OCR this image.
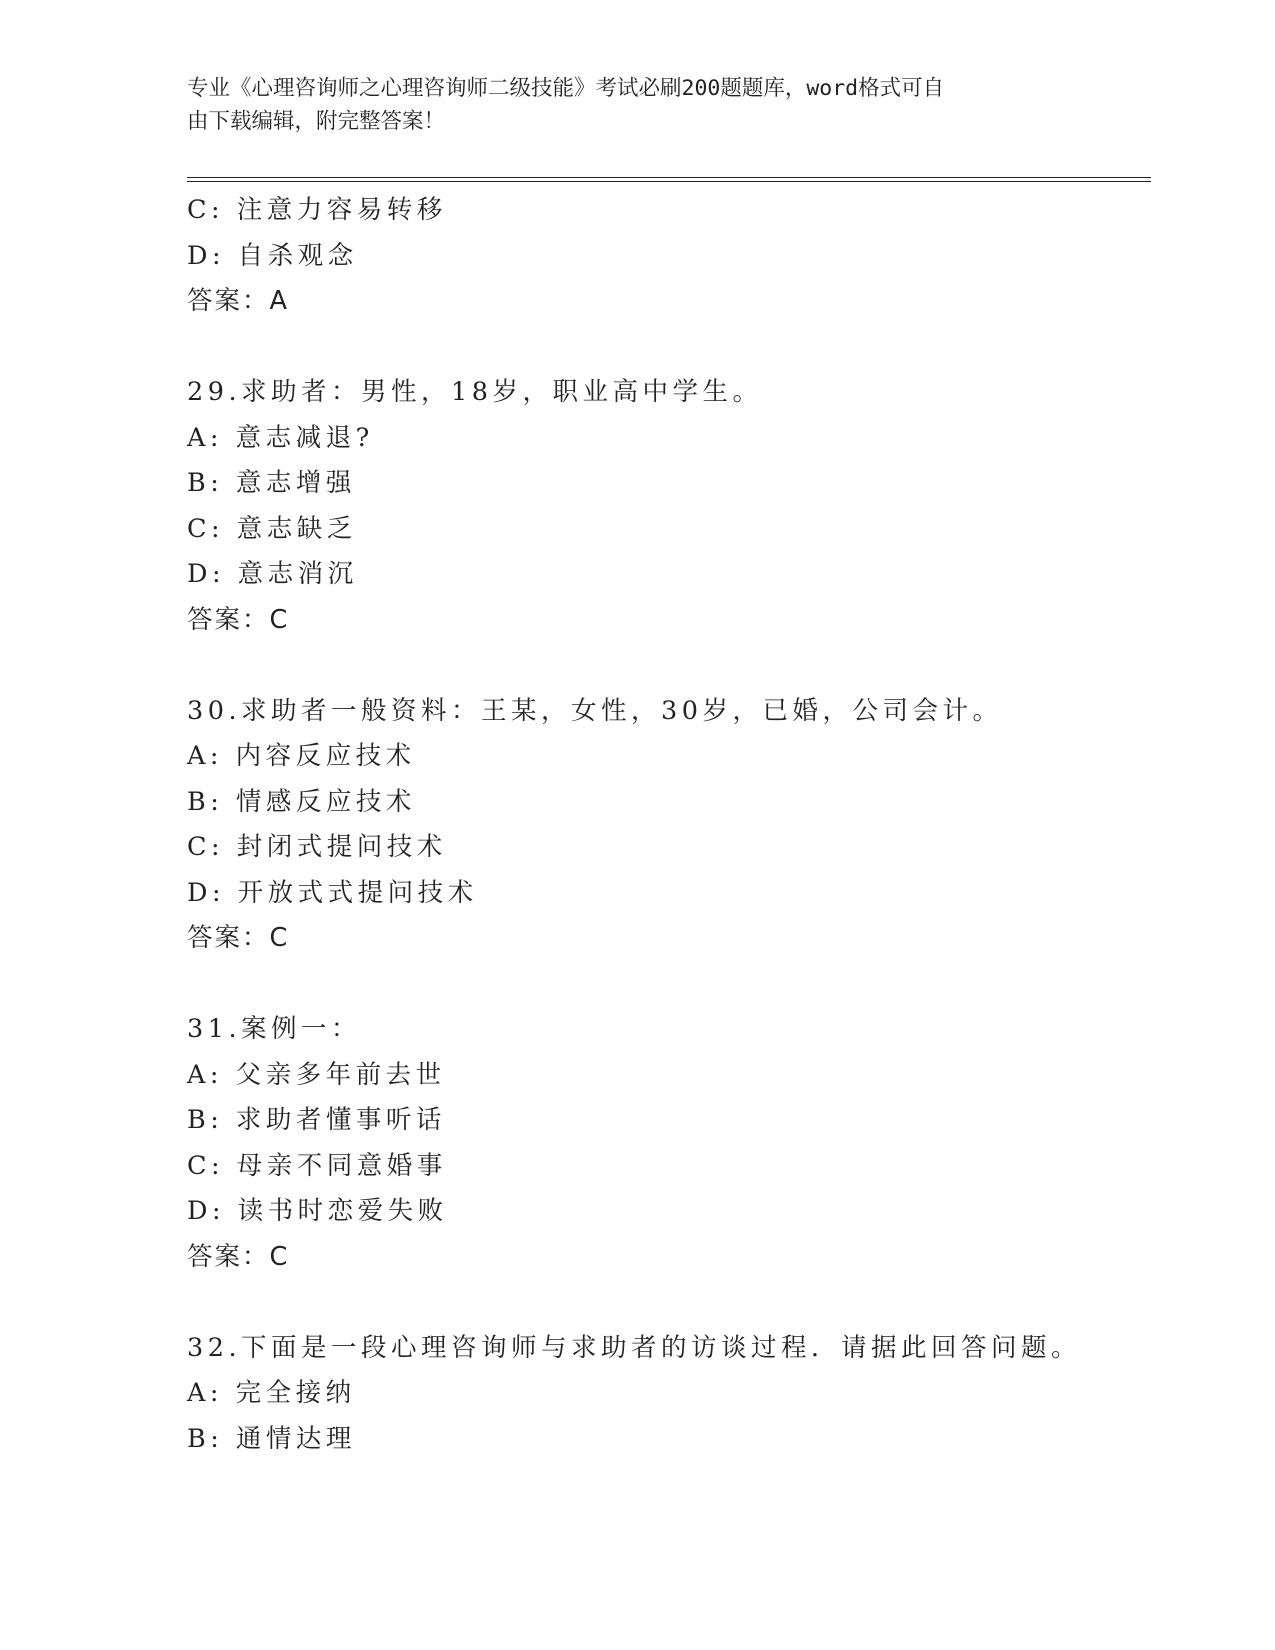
专业《心理咨询师之心理咨询师二级技能》考试必刷200题题库，word格式可自
由下载编辑，附完整答案！
C: 注意力容易转移
D: 自杀观念
答案：A
29.求助者：男性，18岁，职业高中学生。
A: 意志减退?
B: 意志增强
C: 意志缺乏
D: 意志消沉
答案：C
30.求助者一般资料：王某，女性，30岁，已婚，公司会计。
A: 内容反应技术
B: 情感反应技术
C: 封闭式提问技术
D: 开放式式提问技术
答案：C
31.案例一：
A: 父亲多年前去世
B: 求助者懂事听话
C: 母亲不同意婚事
D: 读书时恋爱失败
答案：C
32.下面是一段心理咨询师与求助者的访谈过程．请据此回答问题。
A: 完全接纳
B: 通情达理
